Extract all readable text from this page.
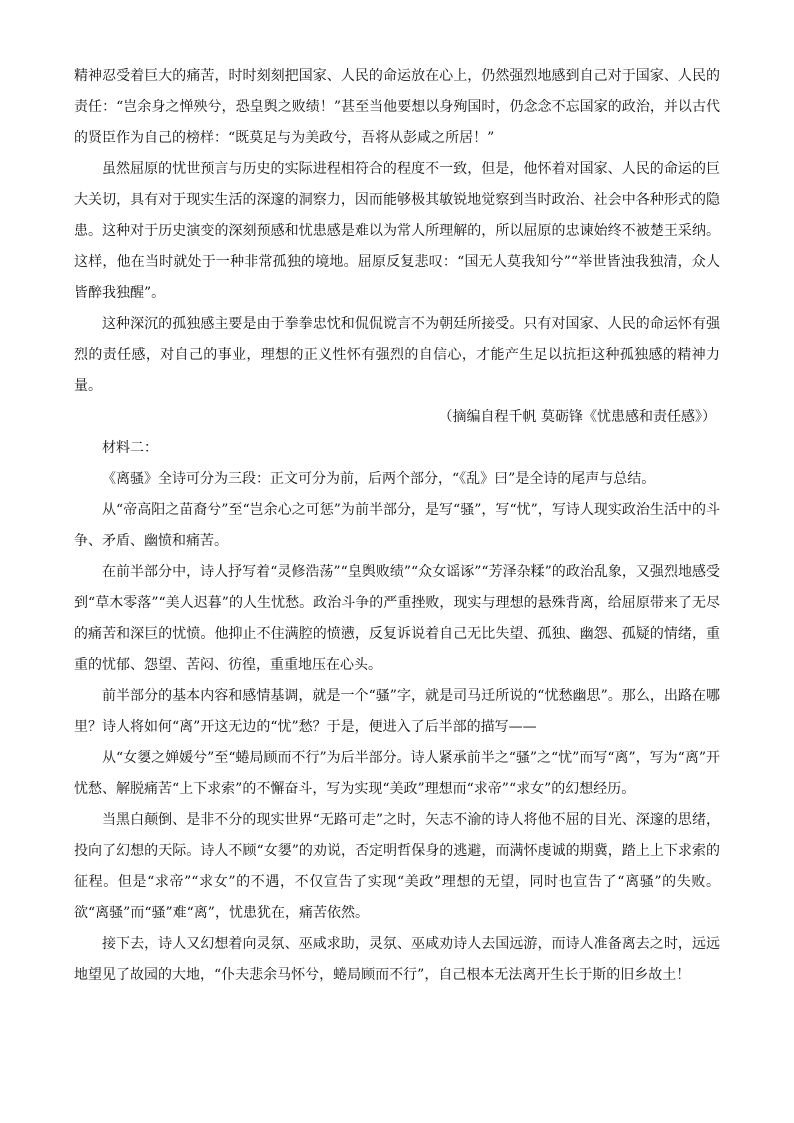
精神忍受着巨大的痛苦，时时刻刻把国家、人民的命运放在心上，仍然强烈地感到自己对于国家、人民的责任：“岂余身之惮殃兮，恐皇舆之败绩！”甚至当他要想以身殉国时，仍念念不忘国家的政治，并以古代的贤臣作为自己的榜样：“既莫足与为美政兮，吾将从彭咸之所居！”

虽然屈原的忧世预言与历史的实际进程相符合的程度不一致，但是，他怀着对国家、人民的命运的巨大关切，具有对于现实生活的深邃的洞察力，因而能够极其敏锐地觉察到当时政治、社会中各种形式的隐患。这种对于历史演变的深刻预感和忧患感是难以为常人所理解的，所以屈原的忠谏始终不被楚王采纳。这样，他在当时就处于一种非常孤独的境地。屈原反复悲叹：“国无人莫我知兮”“举世皆浊我独清，众人皆醉我独醒”。

这种深沉的孤独感主要是由于拳拳忠忱和侃侃谠言不为朝廷所接受。只有对国家、人民的命运怀有强烈的责任感，对自己的事业，理想的正义性怀有强烈的自信心，才能产生足以抗拒这种孤独感的精神力量。

（摘编自程千帆 莫砺锋《忧患感和责任感》）

材料二：

《离骚》全诗可分为三段：正文可分为前，后两个部分，“《乱》曰”是全诗的尾声与总结。

从“帝高阳之苗裔兮”至“岂余心之可惩”为前半部分，是写“骚”，写“忧”，写诗人现实政治生活中的斗争、矛盾、幽愤和痛苦。

在前半部分中，诗人抒写着“灵修浩荡”“皇舆败绩”“众女谣诼”“芳泽杂糅”的政治乱象，又强烈地感受到“草木零落”“美人迟暮”的人生忧愁。政治斗争的严重挫败，现实与理想的悬殊背离，给屈原带来了无尽的痛苦和深巨的忧愤。他抑止不住满腔的愤懑，反复诉说着自己无比失望、孤独、幽怨、孤疑的情绪，重重的忧郁、怨望、苦闷、彷徨，重重地压在心头。

前半部分的基本内容和感情基调，就是一个“骚”字，就是司马迁所说的“忧愁幽思”。那么，出路在哪里？诗人将如何“离”开这无边的“忧”愁？于是，便进入了后半部的描写——

从“女嬃之婵媛兮”至“蜷局顾而不行”为后半部分。诗人紧承前半之“骚”之“忧”而写“离”，写为“离”开忧愁、解脱痛苦“上下求索”的不懈奋斗，写为实现“美政”理想而“求帝”“求女”的幻想经历。

当黑白颠倒、是非不分的现实世界“无路可走”之时，矢志不渝的诗人将他不屈的目光、深邃的思绪，投向了幻想的天际。诗人不顾“女嬃”的劝说，否定明哲保身的逃避，而满怀虔诚的期冀，踏上上下求索的征程。但是“求帝”“求女”的不遇，不仅宣告了实现“美政”理想的无望，同时也宣告了“离骚”的失败。欲“离骚”而“骚”难“离”，忧患犹在，痛苦依然。

接下去，诗人又幻想着向灵氛、巫咸求助，灵氛、巫咸劝诗人去国远游，而诗人准备离去之时，远远地望见了故园的大地，“仆夫悲余马怀兮，蜷局顾而不行”，自己根本无法离开生长于斯的旧乡故土！
